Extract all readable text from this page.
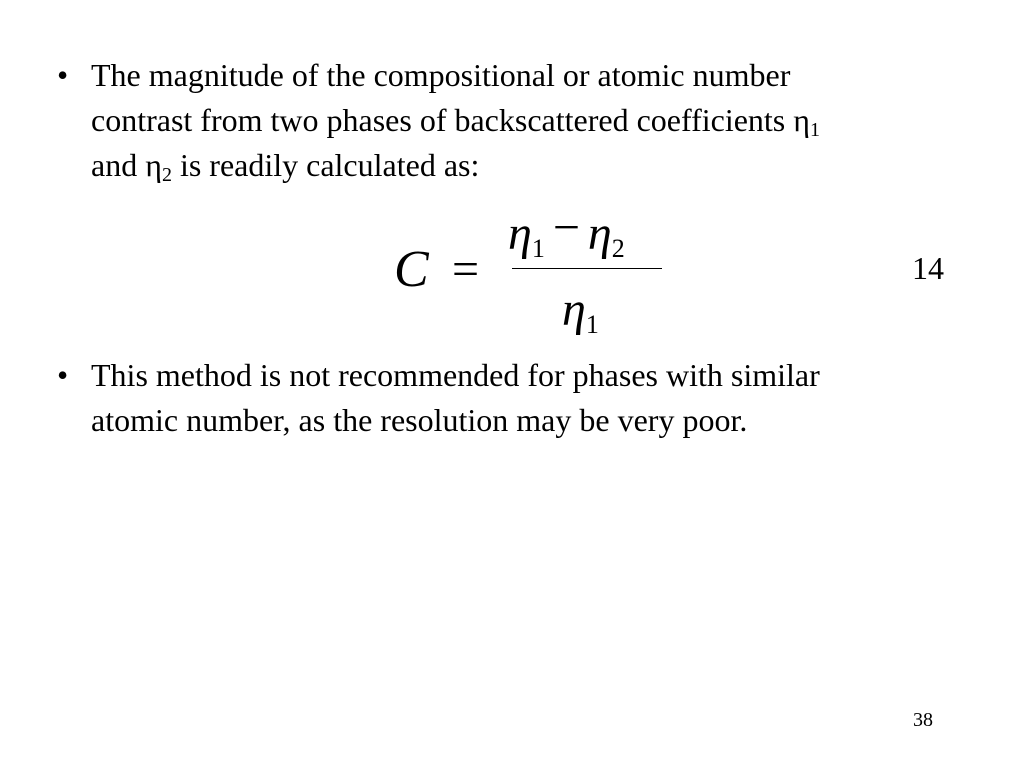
• The magnitude of the compositional or atomic number
contrast from two phases of backscattered coefficients $\eta_1$
and $\eta_2$ is readily calculated as:
C =
η1 − η2
η1
14
• This method is not recommended for phases with similar
atomic number, as the resolution may be very poor.
38
